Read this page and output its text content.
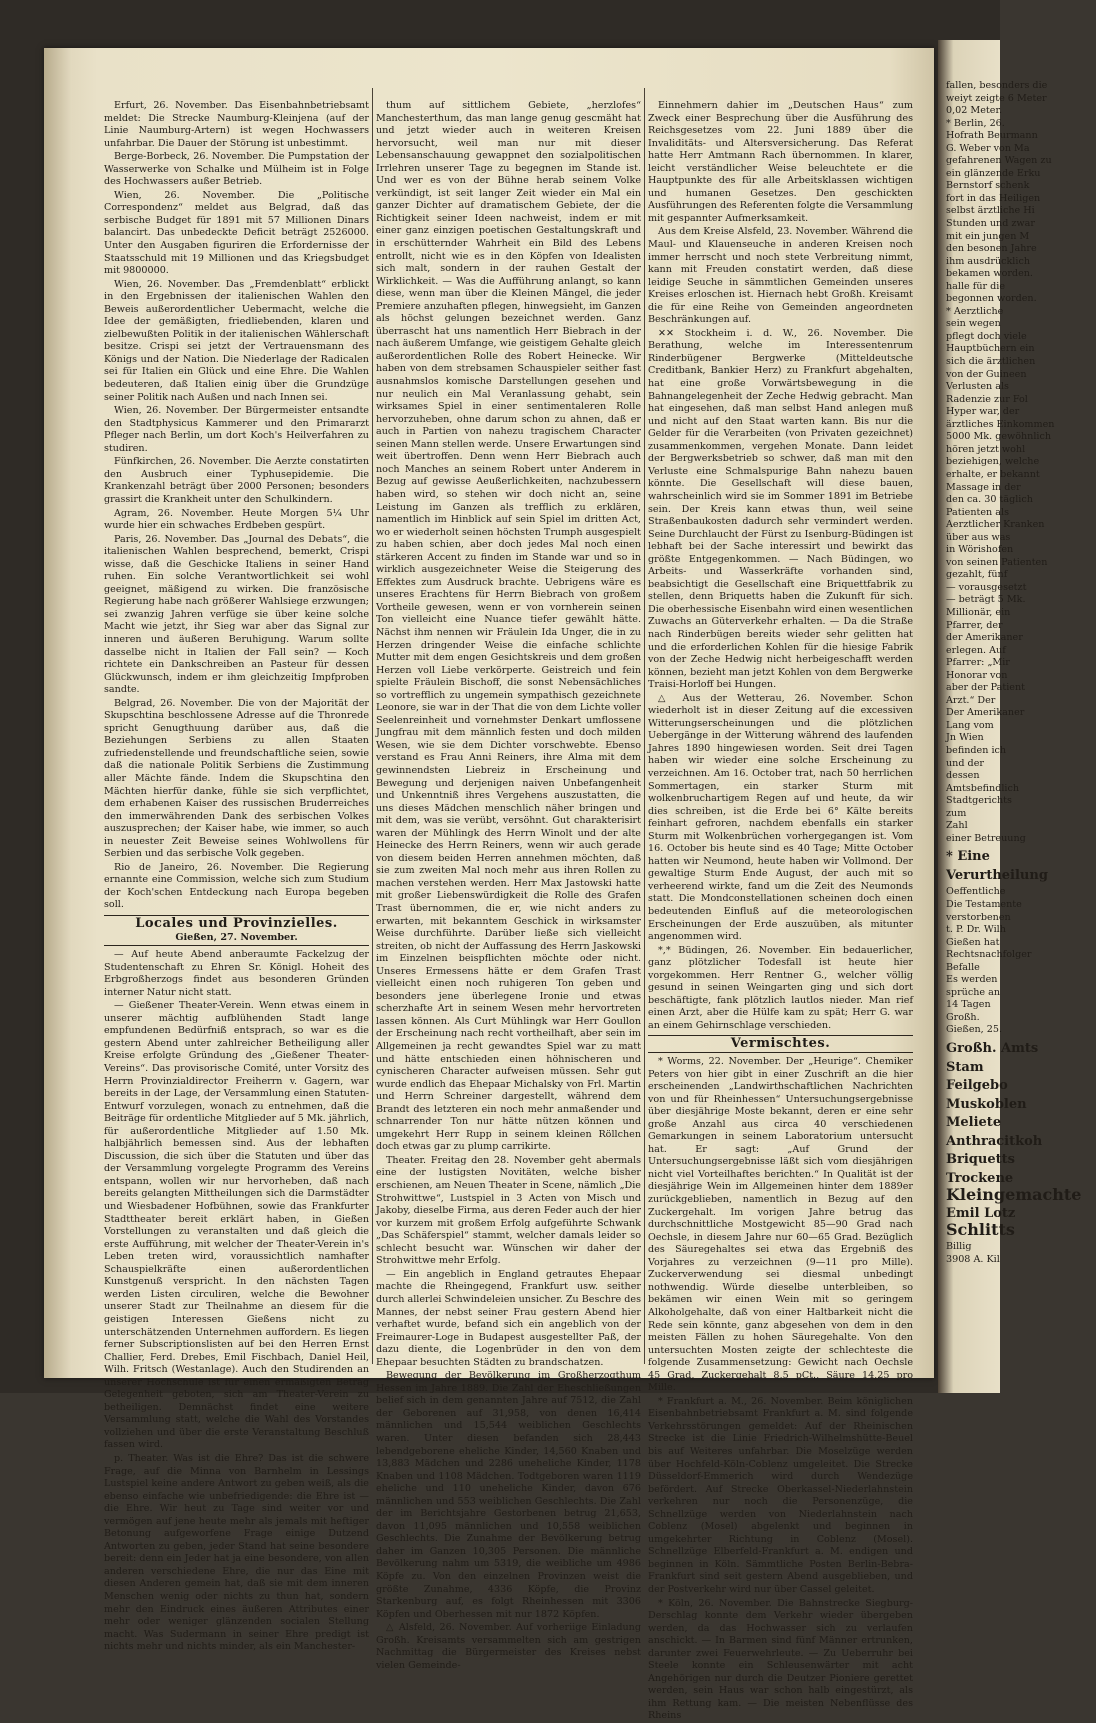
Erfurt, 26. November. Das Eisenbahnbetriebsamt meldet: Die Strecke Naumburg-Kleinjena (auf der Linie Naumburg-Artern) ist wegen Hochwassers unfahrbar. Die Dauer der Störung ist unbestimmt.

Berge-Borbeck, 26. November. Die Pumpstation der Wasserwerke von Schalke und Mülheim ist in Folge des Hochwassers außer Betrieb.

Wien, 26. November. Die „Politische Correspondenz“ meldet aus Belgrad, daß das serbische Budget für 1891 mit 57 Millionen Dinars balancirt. Das unbedeckte Deficit beträgt 2526000. Unter den Ausgaben figuriren die Erfordernisse der Staatsschuld mit 19 Millionen und das Kriegsbudget mit 9800000.

Wien, 26. November. Das „Fremdenblatt“ erblickt in den Ergebnissen der italienischen Wahlen den Beweis außerordentlicher Uebermacht, welche die Idee der gemäßigten, friedliebenden, klaren und zielbewußten Politik in der italienischen Wählerschaft besitze. Crispi sei jetzt der Vertrauensmann des Königs und der Nation. Die Niederlage der Radicalen sei für Italien ein Glück und eine Ehre. Die Wahlen bedeuteren, daß Italien einig über die Grundzüge seiner Politik nach Außen und nach Innen sei.

Wien, 26. November. Der Bürgermeister entsandte den Stadtphysicus Kammerer und den Primararzt Pfleger nach Berlin, um dort Koch's Heilverfahren zu studiren.

Fünfkirchen, 26. November. Die Aerzte constatirten den Ausbruch einer Typhusepidemie. Die Krankenzahl beträgt über 2000 Personen; besonders grassirt die Krankheit unter den Schulkindern.

Agram, 26. November. Heute Morgen 5¼ Uhr wurde hier ein schwaches Erdbeben gespürt.

Paris, 26. November. Das „Journal des Debats“, die italienischen Wahlen besprechend, bemerkt, Crispi wisse, daß die Geschicke Italiens in seiner Hand ruhen. Ein solche Verantwortlichkeit sei wohl geeignet, mäßigend zu wirken. Die französische Regierung habe nach größerer Wahlsiege erzwungen; sei zwanzig Jahren verfüge sie über keine solche Macht wie jetzt, ihr Sieg war aber das Signal zur inneren und äußeren Beruhigung. Warum sollte dasselbe nicht in Italien der Fall sein? — Koch richtete ein Dankschreiben an Pasteur für dessen Glückwunsch, indem er ihm gleichzeitig Impfproben sandte.

Belgrad, 26. November. Die von der Majorität der Skupschtina beschlossene Adresse auf die Thronrede spricht Genugthuung darüber aus, daß die Beziehungen Serbiens zu allen Staaten zufriedenstellende und freundschaftliche seien, sowie daß die nationale Politik Serbiens die Zustimmung aller Mächte fände. Indem die Skupschtina den Mächten hierfür danke, fühle sie sich verpflichtet, dem erhabenen Kaiser des russischen Bruderreiches den immerwährenden Dank des serbischen Volkes auszusprechen; der Kaiser habe, wie immer, so auch in neuester Zeit Beweise seines Wohlwollens für Serbien und das serbische Volk gegeben.

Rio de Janeiro, 26. November. Die Regierung ernannte eine Commission, welche sich zum Studium der Koch'schen Entdeckung nach Europa begeben soll.

Locales und Provinzielles.

Gießen, 27. November.

— Auf heute Abend anberaumte Fackelzug der Studentenschaft zu Ehren Sr. Königl. Hoheit des Erbgroßherzogs findet aus besonderen Gründen interner Natur nicht statt.

— Gießener Theater-Verein. Wenn etwas einem in unserer mächtig aufblühenden Stadt lange empfundenen Bedürfniß entsprach, so war es die gestern Abend unter zahlreicher Betheiligung aller Kreise erfolgte Gründung des „Gießener Theater-Vereins“. Das provisorische Comité, unter Vorsitz des Herrn Provinzialdirector Freiherrn v. Gagern, war bereits in der Lage, der Versammlung einen Statuten-Entwurf vorzulegen, wonach zu entnehmen, daß die Beiträge für ordentliche Mitglieder auf 5 Mk. jährlich, für außerordentliche Mitglieder auf 1.50 Mk. halbjährlich bemessen sind. Aus der lebhaften Discussion, die sich über die Statuten und über das der Versammlung vorgelegte Programm des Vereins entspann, wollen wir nur hervorheben, daß nach bereits gelangten Mittheilungen sich die Darmstädter und Wiesbadener Hofbühnen, sowie das Frankfurter Stadttheater bereit erklärt haben, in Gießen Vorstellungen zu veranstalten und daß gleich die erste Aufführung, mit welcher der Theater-Verein in's Leben treten wird, voraussichtlich namhafter Schauspielkräfte einen außerordentlichen Kunstgenuß verspricht. In den nächsten Tagen werden Listen circuliren, welche die Bewohner unserer Stadt zur Theilnahme an diesem für die geistigen Interessen Gießens nicht zu unterschätzenden Unternehmen auffordern. Es liegen ferner Subscriptionslisten auf bei den Herren Ernst Challier, Ferd. Drebes, Emil Fischbach, Daniel Heil, Wilh. Fritsch (Westanlage). Auch den Studirenden an unserer Hochschule ist für einen ermäßigten Betrag Gelegenheit geboten, sich am Theater-Verein zu betheiligen. Demnächst findet eine weitere Versammlung statt, welche die Wahl des Vorstandes vollziehen und über die erste Veranstaltung Beschluß fassen wird.

p. Theater. Was ist die Ehre? Das ist die schwere Frage, auf die Minna von Barnhelm in Lessings Lustspiel keine andere Antwort zu geben weiß, als die ebenso einfache wie unbefriedigende: die Ehre ist — die Ehre. Wir heut zu Tage sind weiter vor und vermögen auf jene heute mehr als jemals mit heftiger Betonung aufgeworfene Frage einige Dutzend Antworten zu geben, jeder Stand hat seine besondere bereit: denn ein Jeder hat ja eine besondere, von allen anderen verschiedene Ehre, die nur das Eine mit diesen Anderen gemein hat, daß sie mit dem inneren Menschen wenig oder nichts zu thun hat, sondern mehr den Eindruck eines äußeren Attributes einer mehr oder weniger glänzenden socialen Stellung macht. Was Sudermann in seiner Ehre predigt ist nichts mehr und nichts minder, als ein Manchester-

thum auf sittlichem Gebiete, „herzlofes“ Manchesterthum, das man lange genug gescmäht hat und jetzt wieder auch in weiteren Kreisen hervorsucht, weil man nur mit dieser Lebensanschauung gewappnet den sozialpolitischen Irrlehren unserer Tage zu begegnen im Stande ist. Und wer es von der Bühne herab seinem Volke verkündigt, ist seit langer Zeit wieder ein Mal ein ganzer Dichter auf dramatischem Gebiete, der die Richtigkeit seiner Ideen nachweist, indem er mit einer ganz einzigen poetischen Gestaltungskraft und in erschütternder Wahrheit ein Bild des Lebens entrollt, nicht wie es in den Köpfen von Idealisten sich malt, sondern in der rauhen Gestalt der Wirklichkeit. — Was die Aufführung anlangt, so kann diese, wenn man über die Kleinen Mängel, die jeder Premiere anzuhaften pflegen, hinwegsieht, im Ganzen als höchst gelungen bezeichnet werden. Ganz überrascht hat uns namentlich Herr Biebrach in der nach äußerem Umfange, wie geistigem Gehalte gleich außerordentlichen Rolle des Robert Heinecke. Wir haben von dem strebsamen Schauspieler seither fast ausnahmslos komische Darstellungen gesehen und nur neulich ein Mal Veranlassung gehabt, sein wirksames Spiel in einer sentimentaleren Rolle hervorzuheben, ohne darum schon zu ahnen, daß er auch in Partien von nahezu tragischem Character seinen Mann stellen werde. Unsere Erwartungen sind weit übertroffen. Denn wenn Herr Biebrach auch noch Manches an seinem Robert unter Anderem in Bezug auf gewisse Aeußerlichkeiten, nachzubessern haben wird, so stehen wir doch nicht an, seine Leistung im Ganzen als trefflich zu erklären, namentlich im Hinblick auf sein Spiel im dritten Act, wo er wiederholt seinen höchsten Trumph ausgespielt zu haben schien, aber doch jedes Mal noch einen stärkeren Accent zu finden im Stande war und so in wirklich ausgezeichneter Weise die Steigerung des Effektes zum Ausdruck brachte. Uebrigens wäre es unseres Erachtens für Herrn Biebrach von großem Vortheile gewesen, wenn er von vornherein seinen Ton vielleicht eine Nuance tiefer gewählt hätte. Nächst ihm nennen wir Fräulein Ida Unger, die in zu Herzen dringender Weise die einfache schlichte Mutter mit dem engen Gesichtskreis und dem großen Herzen voll Liebe verkörperte. Geistreich und fein spielte Fräulein Bischoff, die sonst Nebensächliches so vortrefflich zu ungemein sympathisch gezeichnete Leonore, sie war in der That die von dem Lichte voller Seelenreinheit und vornehmster Denkart umflossene Jungfrau mit dem männlich festen und doch milden Wesen, wie sie dem Dichter vorschwebte. Ebenso verstand es Frau Anni Reiners, ihre Alma mit dem gewinnendsten Liebreiz in Erscheinung und Bewegung und derjenigen naiven Unbefangenheit und Unkenntniß ihres Vergehens auszustatten, die uns dieses Mädchen menschlich näher bringen und mit dem, was sie verübt, versöhnt. Gut charakterisirt waren der Mühlingk des Herrn Winolt und der alte Heinecke des Herrn Reiners, wenn wir auch gerade von diesem beiden Herren annehmen möchten, daß sie zum zweiten Mal noch mehr aus ihren Rollen zu machen verstehen werden. Herr Max Jastowski hatte mit großer Liebenswürdigkeit die Rolle des Grafen Trast übernommen, die er, wie nicht anders zu erwarten, mit bekanntem Geschick in wirksamster Weise durchführte. Darüber ließe sich vielleicht streiten, ob nicht der Auffassung des Herrn Jaskowski im Einzelnen beispflichten möchte oder nicht. Unseres Ermessens hätte er dem Grafen Trast vielleicht einen noch ruhigeren Ton geben und besonders jene überlegene Ironie und etwas scherzhafte Art in seinem Wesen mehr hervortreten lassen können. Als Curt Mühlingk war Herr Goullon der Erscheinung nach recht vortheilhaft, aber sein im Allgemeinen ja recht gewandtes Spiel war zu matt und hätte entschieden einen höhnischeren und cynischeren Character aufweisen müssen. Sehr gut wurde endlich das Ehepaar Michalsky von Frl. Martin und Herrn Schreiner dargestellt, während dem Brandt des letzteren ein noch mehr anmaßender und schnarrender Ton nur hätte nützen können und umgekehrt Herr Rupp in seinem kleinen Röllchen doch etwas gar zu plump carrikirte.

Theater. Freitag den 28. November geht abermals eine der lustigsten Novitäten, welche bisher erschienen, am Neuen Theater in Scene, nämlich „Die Strohwittwe“, Lustspiel in 3 Acten von Misch und Jakoby, dieselbe Firma, aus deren Feder auch der hier vor kurzem mit großem Erfolg aufgeführte Schwank „Das Schäferspiel“ stammt, welcher damals leider so schlecht besucht war. Wünschen wir daher der Strohwittwe mehr Erfolg.

— Ein angeblich in England getrautes Ehepaar machte die Rheingegend, Frankfurt usw. seither durch allerlei Schwindeleien unsicher. Zu Beschre des Mannes, der nebst seiner Frau gestern Abend hier verhaftet wurde, befand sich ein angeblich von der Freimaurer-Loge in Budapest ausgestellter Paß, der dazu diente, die Logenbrüder in den von dem Ehepaar besuchten Städten zu brandschatzen.

Bewegung der Bevölkerung im Großherzogthum Hessen im Jahre 1889. Die Zahl der Eheschließungen belief sich in dem genannten Jahre auf 7512, die Zahl der Geborenen auf 31,958, von denen 16,414 männlichen und 15,544 weiblichen Geschlechts waren. Unter diesen befanden sich 28,443 lebendgeborene eheliche Kinder, 14,560 Knaben und 13,883 Mädchen und 2286 uneheliche Kinder, 1178 Knaben und 1108 Mädchen. Todtgeboren waren 1119 eheliche und 110 uneheliche Kinder, davon 676 männlichen und 553 weiblichen Geschlechts. Die Zahl der im Berichtsjahre Gestorbenen betrug 21,653, davon 11,095 männlichen und 10,558 weiblichen Geschlechts. Die Zunahme der Bevölkerung betrug daher im Ganzen 10,305 Personen. Die männliche Bevölkerung nahm um 5319, die weibliche um 4986 Köpfe zu. Von den einzelnen Provinzen weist die größte Zunahme, 4336 Köpfe, die Provinz Starkenburg auf, es folgt Rheinhessen mit 3306 Köpfen und Oberhessen mit nur 1872 Köpfen.

△ Alsfeld, 26. November. Auf vorheriige Einladung Großh. Kreisamts versammelten sich am gestrigen Nachmittag die Bürgermeister des Kreises nebst vielen Gemeinde-

Einnehmern dahier im „Deutschen Haus“ zum Zweck einer Besprechung über die Ausführung des Reichsgesetzes vom 22. Juni 1889 über die Invaliditäts- und Altersversicherung. Das Referat hatte Herr Amtmann Rach übernommen. In klarer, leicht verständlicher Weise beleuchtete er die Hauptpunkte des für alle Arbeitsklassen wichtigen und humanen Gesetzes. Den geschickten Ausführungen des Referenten folgte die Versammlung mit gespannter Aufmerksamkeit.

Aus dem Kreise Alsfeld, 23. November. Während die Maul- und Klauenseuche in anderen Kreisen noch immer herrscht und noch stete Verbreitung nimmt, kann mit Freuden constatirt werden, daß diese leidige Seuche in sämmtlichen Gemeinden unseres Kreises erloschen ist. Hiernach hebt Großh. Kreisamt die für eine Reihe von Gemeinden angeordneten Beschränkungen auf.

✕✕ Stockheim i. d. W., 26. November. Die Berathung, welche im Interessentenrum Rinderbügener Bergwerke (Mitteldeutsche Creditbank, Bankier Herz) zu Frankfurt abgehalten, hat eine große Vorwärtsbewegung in die Bahnangelegenheit der Zeche Hedwig gebracht. Man hat eingesehen, daß man selbst Hand anlegen muß und nicht auf den Staat warten kann. Bis nur die Gelder für die Verarbeiten (von Privaten gezeichnet) zusammenkommen, vergehen Monate. Dann leidet der Bergwerksbetrieb so schwer, daß man mit den Verluste eine Schmalspurige Bahn nahezu bauen könnte. Die Gesellschaft will diese bauen, wahrscheinlich wird sie im Sommer 1891 im Betriebe sein. Der Kreis kann etwas thun, weil seine Straßenbaukosten dadurch sehr vermindert werden. Seine Durchlaucht der Fürst zu Isenburg-Büdingen ist lebhaft bei der Sache interessirt und bewirkt das größte Entgegenkommen. — Nach Büdingen, wo Arbeits- und Wasserkräfte vorhanden sind, beabsichtigt die Gesellschaft eine Briquettfabrik zu stellen, denn Briquetts haben die Zukunft für sich. Die oberhessische Eisenbahn wird einen wesentlichen Zuwachs an Güterverkehr erhalten. — Da die Straße nach Rinderbügen bereits wieder sehr gelitten hat und die erforderlichen Kohlen für die hiesige Fabrik von der Zeche Hedwig nicht herbeigeschafft werden können, bezieht man jetzt Kohlen von dem Bergwerke Traisi-Horloff bei Hungen.

△ Aus der Wetterau, 26. November. Schon wiederholt ist in dieser Zeitung auf die excessiven Witterungserscheinungen und die plötzlichen Uebergänge in der Witterung während des laufenden Jahres 1890 hingewiesen worden. Seit drei Tagen haben wir wieder eine solche Erscheinung zu verzeichnen. Am 16. October trat, nach 50 herrlichen Sommertagen, ein starker Sturm mit wolkenbruchartigem Regen auf und heute, da wir dies schreiben, ist die Erde bei 6° Kälte bereits feinhart gefroren, nachdem ebenfalls ein starker Sturm mit Wolkenbrüchen vorhergegangen ist. Vom 16. October bis heute sind es 40 Tage; Mitte October hatten wir Neumond, heute haben wir Vollmond. Der gewaltige Sturm Ende August, der auch mit so verheerend wirkte, fand um die Zeit des Neumonds statt. Die Mondconstellationen scheinen doch einen bedeutenden Einfluß auf die meteorologischen Erscheinungen der Erde auszuüben, als mitunter angenommen wird.

*,* Büdingen, 26. November. Ein bedauerlicher, ganz plötzlicher Todesfall ist heute hier vorgekommen. Herr Rentner G., welcher völlig gesund in seinen Weingarten ging und sich dort beschäftigte, fank plötzlich lautlos nieder. Man rief einen Arzt, aber die Hülfe kam zu spät; Herr G. war an einem Gehirnschlage verschieden.

Vermischtes.

* Worms, 22. November. Der „Heurige“. Chemiker Peters von hier gibt in einer Zuschrift an die hier erscheinenden „Landwirthschaftlichen Nachrichten von und für Rheinhessen“ Untersuchungsergebnisse über diesjährige Moste bekannt, deren er eine sehr große Anzahl aus circa 40 verschiedenen Gemarkungen in seinem Laboratorium untersucht hat. Er sagt: „Auf Grund der Untersuchungsergebnisse läßt sich vom diesjährigen nicht viel Vorteilhaftes berichten.“ In Qualität ist der diesjährige Wein im Allgemeinen hinter dem 1889er zurückgeblieben, namentlich in Bezug auf den Zuckergehalt. Im vorigen Jahre betrug das durchschnittliche Mostgewicht 85—90 Grad nach Oechsle, in diesem Jahre nur 60—65 Grad. Bezüglich des Säuregehaltes sei etwa das Ergebniß des Vorjahres zu verzeichnen (9—11 pro Mille). Zuckerverwendung sei diesmal unbedingt nothwendig. Würde dieselbe unterbleiben, so bekämen wir einen Wein mit so geringem Alkoholgehalte, daß von einer Haltbarkeit nicht die Rede sein könnte, ganz abgesehen von dem in den meisten Fällen zu hohen Säuregehalte. Von den untersuchten Mosten zeigte der schlechteste die folgende Zusammensetzung: Gewicht nach Oechsle 45 Grad, Zuckergehalt 8,5 pCt., Säure 14,25 pro Mille.

* Frankfurt a. M., 26. November. Beim königlichen Eisenbahnbetriebsamt Frankfurt a. M. sind folgende Verkehrsstörungen gemeldet: Auf der Rheinischen Strecke ist die Linie Friedrich-Wilhelmshütte-Beuel bis auf Weiteres unfahrbar. Die Moselzüge werden über Hochfeld-Köln-Coblenz umgeleitet. Die Strecke Düsseldorf-Emmerich wird durch Wendezüge befördert. Auf Strecke Oberkassel-Niederlahnstein verkehren nur noch die Personenzüge, die Schnellzüge werden von Niederlahnstein nach Coblenz (Mosel) abgelenkt und beginnen in umgekehrter Richtung in Coblenz (Mosel). Schnellzüge Elberfeld-Frankfurt a. M. endigen und beginnen in Köln. Sämmtliche Posten Berlin-Bebra-Frankfurt sind seit gestern Abend ausgeblieben, und der Postverkehr wird nur über Cassel geleitet.

* Köln, 26. November. Die Bahnstrecke Siegburg-Derschlag konnte dem Verkehr wieder übergeben werden, da das Hochwasser sich zu verlaufen anschickt. — In Barmen sind fünf Männer ertrunken, darunter zwei Feuerwehrleute. — Zu Ueberruhr bei Steele konnte ein Schleusenwärter mit acht Angehörigen nur durch die Deutzer Pioniere gerettet werden, sein Haus war schon halb eingestürzt, als ihm Rettung kam. — Die meisten Nebenflüsse des Rheins

fallen, besonders die

weiyt zeigte 6 Meter

0,02 Meter.

* Berlin, 26.

Hofrath Beurmann

G. Weber von Ma

gefahrenen Wagen zu

ein glänzende Erku

Bernstorf schenk

fort in das Heiligen

selbst ärztliche Hi

Stunden und zwar

mit ein jungen M

den besonen Jahre

ihm ausdrücklich

bekamen worden.

halle für die

begonnen worden.

* Aerztliche

sein wegen

pflegt doch viele

Hauptbüchern ein

sich die ärztlichen

von der Guineen

Verlusten als

Radenzie zur Fol

Hyper war, der

ärztliches Einkommen

5000 Mk. gewöhnlich

hören jetzt wohl

beziehigen, welche

erhalte, er bekannt

Massage in der

den ca. 30 täglich

Patienten als

Aerztlicher Kranken

über aus was

in Wörishofen

von seinen Patienten

gezahlt, fünf

— vorausgesetzt

— beträgt 5 Mk.

Millionär, ein

Pfarrer, der

der Amerikaner

erlegen. Auf

Pfarrer: „Mir

Honorar von

aber der Patient

Arzt.“ Der

Der Amerikaner

Lang vom

Jn Wien

befinden ich

und der

dessen

Amtsbefindlich

Stadtgerichts

zum

Zahl

einer Betreuung

* Eine

Verurtheilung

Oeffentliche

Die Testamente

verstorbenen

t. P. Dr. Wilh

Gießen hat

Rechtsnachfolger

Befalle

Es werden

sprüche an

14 Tagen

Großh.

Gießen, 25.

Großh. Amts

Stam

Feilgebo

Muskoblen

Meliete

Anthracitkoh

Briquetts

Trockene

Kleingemachte

Emil Lotz

Schlitts

Billig

3908 A. Kil
